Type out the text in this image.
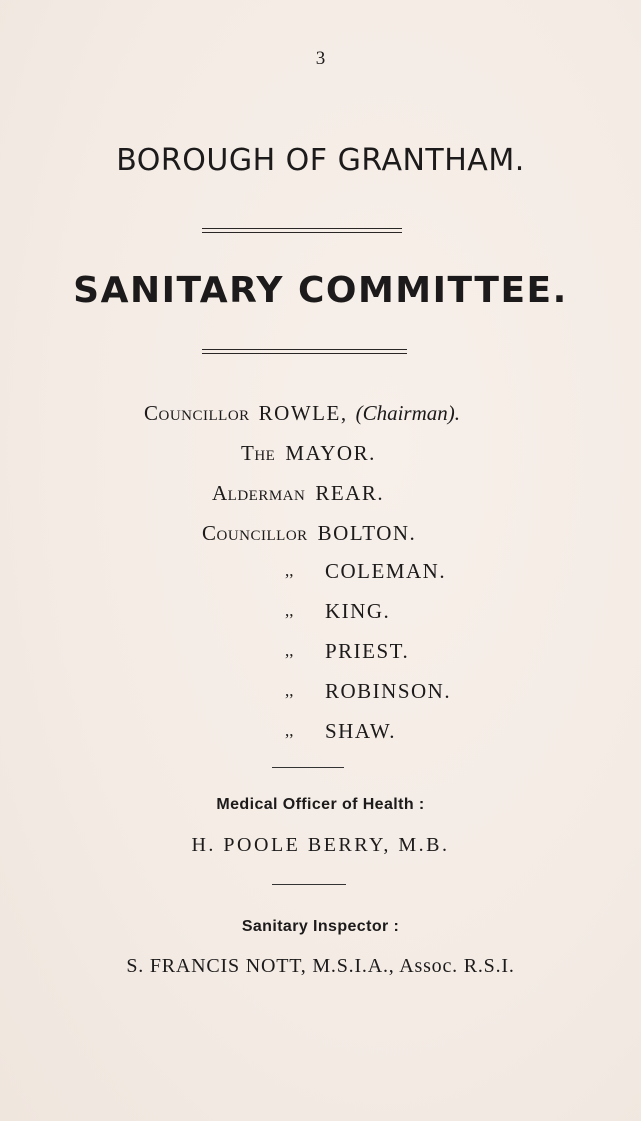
3
BOROUGH OF GRANTHAM.
SANITARY COMMITTEE.
Councillor ROWLE, (Chairman).
The MAYOR.
Alderman REAR.
Councillor BOLTON.
,, COLEMAN.
,, KING.
,, PRIEST.
,, ROBINSON.
,, SHAW.
Medical Officer of Health :
H. POOLE BERRY, M.B.
Sanitary Inspector :
S. FRANCIS NOTT, M.S.I.A., Assoc. R.S.I.
